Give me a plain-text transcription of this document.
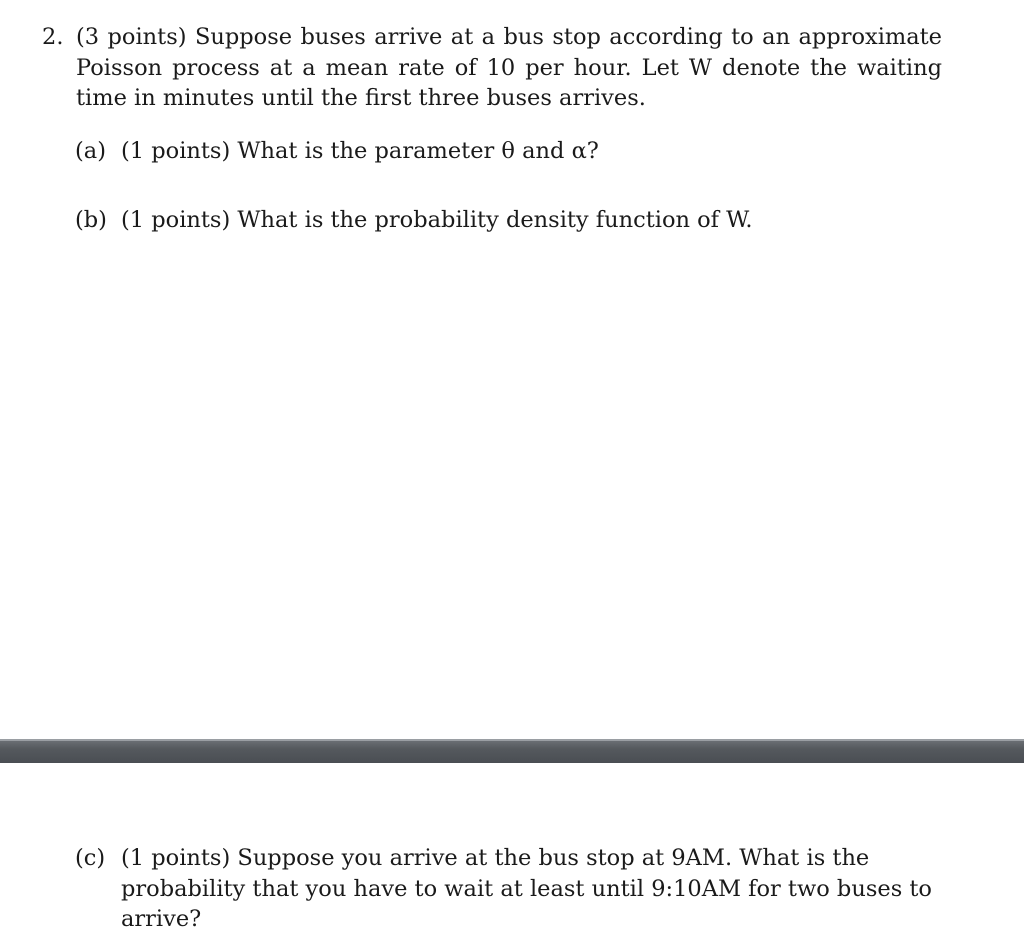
2. (3 points) Suppose buses arrive at a bus stop according to an approximate Poisson process at a mean rate of 10 per hour. Let W denote the waiting time in minutes until the first three buses arrives.
(a) (1 points) What is the parameter θ and α?
(b) (1 points) What is the probability density function of W.
(c) (1 points) Suppose you arrive at the bus stop at 9AM. What is the probability that you have to wait at least until 9:10AM for two buses to arrive?
